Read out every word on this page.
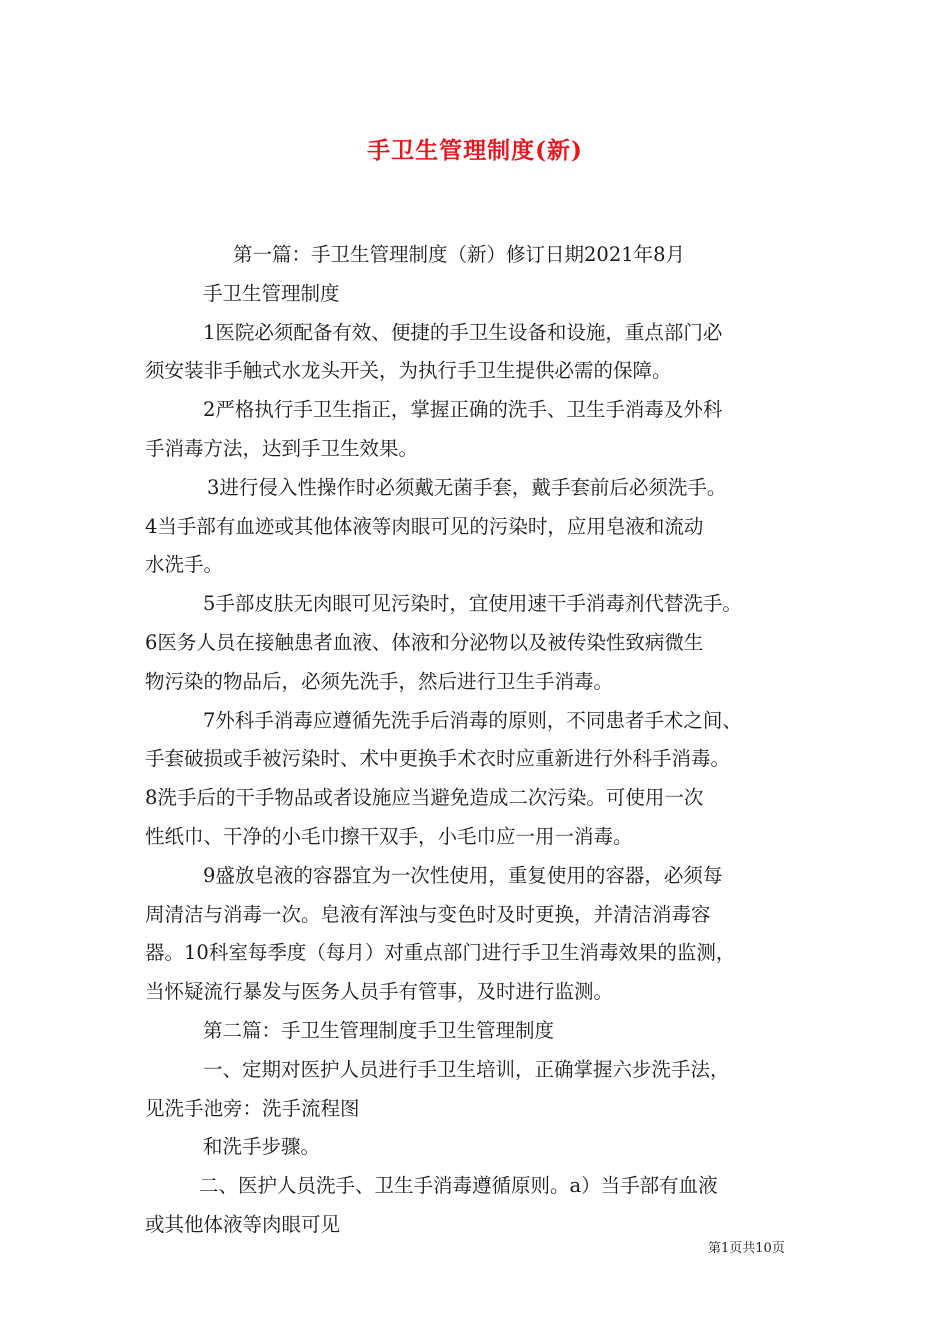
手卫生管理制度(新)
第一篇：手卫生管理制度（新）修订日期2021年8月
手卫生管理制度
1医院必须配备有效、便捷的手卫生设备和设施，重点部门必
须安装非手触式水龙头开关，为执行手卫生提供必需的保障。
2严格执行手卫生指正，掌握正确的洗手、卫生手消毒及外科
手消毒方法，达到手卫生效果。
3进行侵入性操作时必须戴无菌手套，戴手套前后必须洗手。
4当手部有血迹或其他体液等肉眼可见的污染时，应用皂液和流动
水洗手。
5手部皮肤无肉眼可见污染时，宜使用速干手消毒剂代替洗手。
6医务人员在接触患者血液、体液和分泌物以及被传染性致病微生
物污染的物品后，必须先洗手，然后进行卫生手消毒。
7外科手消毒应遵循先洗手后消毒的原则，不同患者手术之间、
手套破损或手被污染时、术中更换手术衣时应重新进行外科手消毒。
8洗手后的干手物品或者设施应当避免造成二次污染。可使用一次
性纸巾、干净的小毛巾擦干双手，小毛巾应一用一消毒。
9盛放皂液的容器宜为一次性使用，重复使用的容器，必须每
周清洁与消毒一次。皂液有浑浊与变色时及时更换，并清洁消毒容
器。10科室每季度（每月）对重点部门进行手卫生消毒效果的监测，
当怀疑流行暴发与医务人员手有管事，及时进行监测。
第二篇：手卫生管理制度手卫生管理制度
一、定期对医护人员进行手卫生培训，正确掌握六步洗手法，
见洗手池旁：洗手流程图
和洗手步骤。
二、医护人员洗手、卫生手消毒遵循原则。a）当手部有血液
或其他体液等肉眼可见
第1页共10页
